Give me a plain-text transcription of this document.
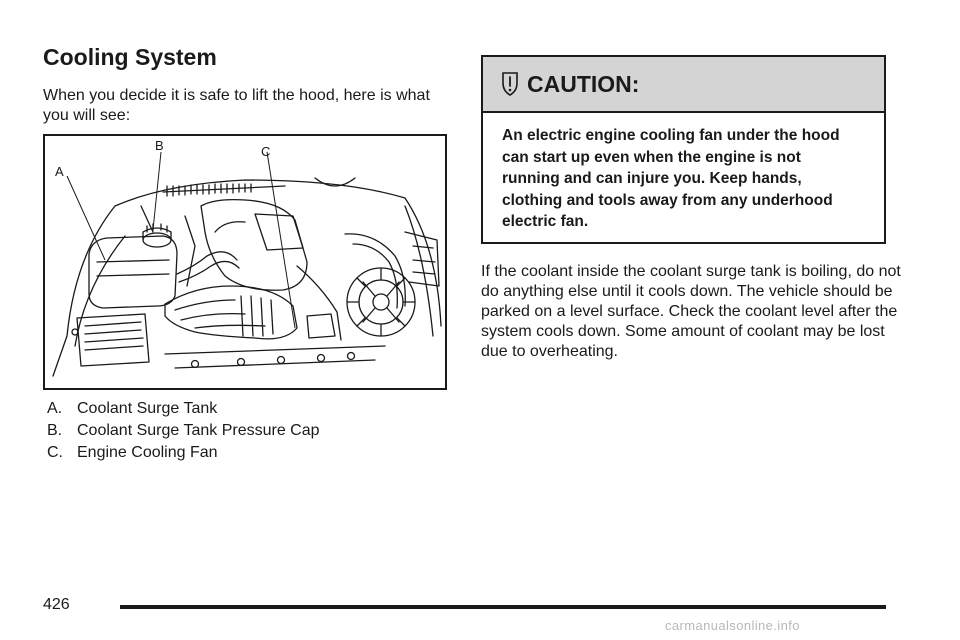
Cooling System
When you decide it is safe to lift the hood, here is what you will see:
A
B	C
A. Coolant Surge Tank
B. Coolant Surge Tank Pressure Cap
C. Engine Cooling Fan
CAUTION:
An electric engine cooling fan under the hood can start up even when the engine is not running and can injure you. Keep hands, clothing and tools away from any underhood electric fan.
If the coolant inside the coolant surge tank is boiling, do not do anything else until it cools down. The vehicle should be parked on a level surface. Check the coolant level after the system cools down. Some amount of coolant may be lost due to overheating.
426
carmanualsonline.info
